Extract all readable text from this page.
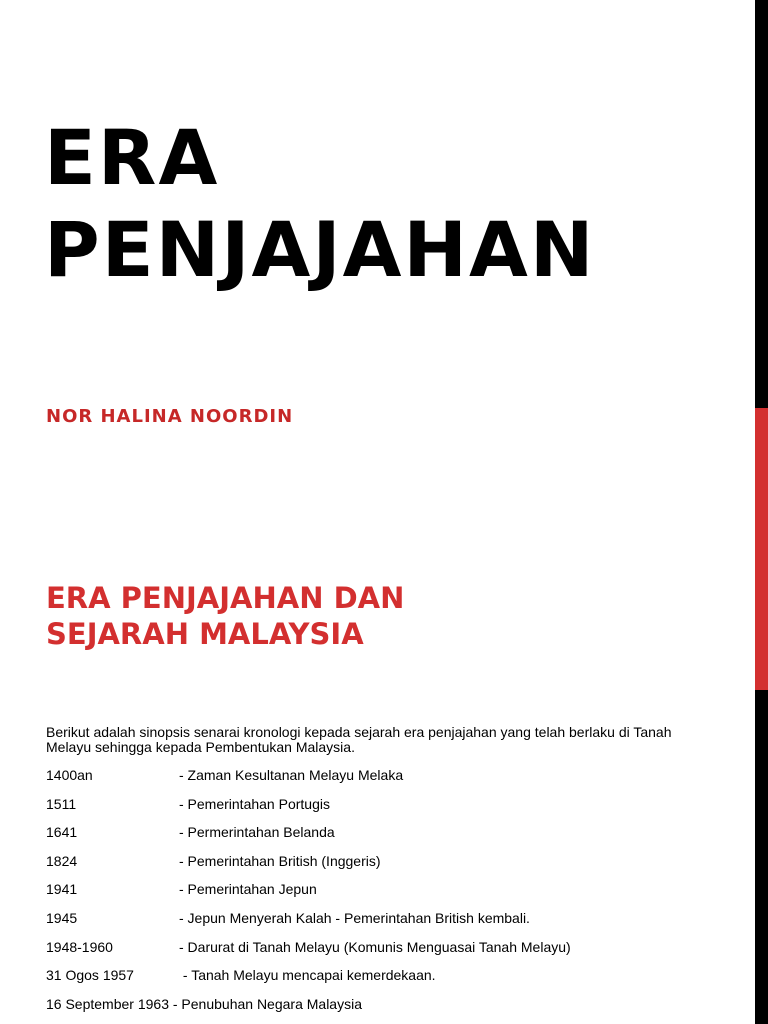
ERA
PENJAJAHAN
NOR HALINA NOORDIN
ERA PENJAJAHAN DAN
SEJARAH MALAYSIA

Berikut adalah sinopsis senarai kronologi kepada sejarah era penjajahan yang telah berlaku di Tanah Melayu sehingga kepada Pembentukan Malaysia.

1400an	- Zaman Kesultanan Melayu Melaka
1511	- Pemerintahan Portugis
1641	- Permerintahan Belanda
1824	- Pemerintahan British (Inggeris)
1941	- Pemerintahan Jepun
1945	- Jepun Menyerah Kalah - Pemerintahan British kembali.
1948-1960	- Darurat di Tanah Melayu (Komunis Menguasai Tanah Melayu)
31 Ogos 1957	- Tanah Melayu mencapai kemerdekaan.
16 September 1963 - Penubuhan Negara Malaysia
